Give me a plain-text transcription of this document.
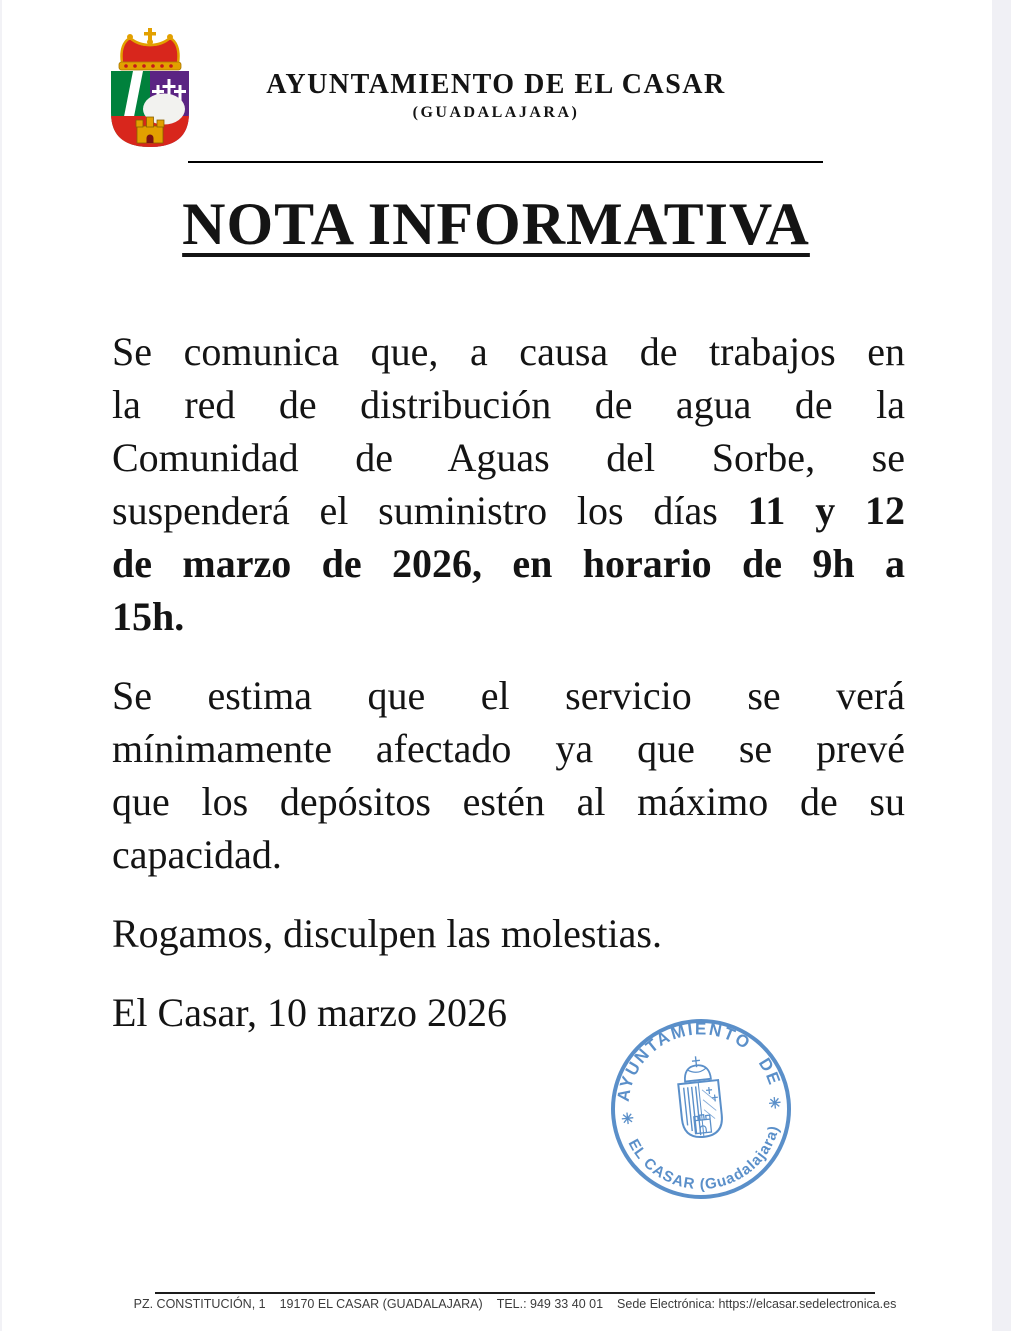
AYUNTAMIENTO DE EL CASAR
(GUADALAJARA)
NOTA INFORMATIVA
Se comunica que, a causa de trabajos en
la red de distribución de agua de la
Comunidad de Aguas del Sorbe, se
suspenderá el suministro los días 11 y 12
de marzo de 2026, en horario de 9h a
15h.
Se estima que el servicio se verá
mínimamente afectado ya que se prevé
que los depósitos estén al máximo de su
capacidad.
Rogamos, disculpen las molestias.
El Casar, 10 marzo 2026
AYUNTAMIENTO DE
EL CASAR (Guadalajara)
✳
✳
PZ. CONSTITUCIÓN, 1 19170 EL CASAR (GUADALAJARA) TEL.: 949 33 40 01 Sede Electrónica: https://elcasar.sedelectronica.es
